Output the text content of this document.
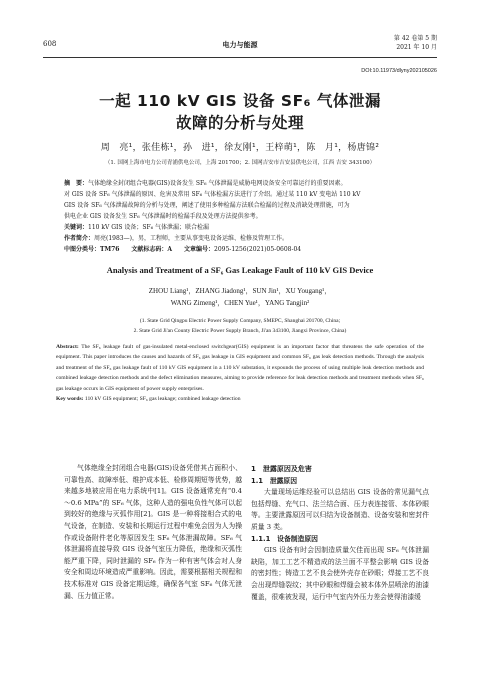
608	电力与能源
第 42 卷第 5 期
2021 年 10 月
DOI:10.11973/dlyny202105026
一起 110 kV GIS 设备 SF₆ 气体泄漏
故障的分析与处理
周　亮¹，张佳栋¹，孙　进¹，徐友刚¹，王梓萌¹，陈　月¹，杨唐锦²
（1. 国网上海市电力公司青浦供电公司，上海 201700；2. 国网吉安市吉安县供电公司，江西 吉安 343100）
摘　要：气体绝缘全封闭组合电器(GIS)设备发生 SF₆ 气体泄漏是威胁电网设备安全可靠运行的重要因素。
对 GIS 设备 SF₆ 气体泄漏的原因、危害及常用 SF₆ 气体检漏方法进行了介绍。通过某 110 kV 变电站 110 kV
GIS 设备 SF₆ 气体泄漏故障的分析与处理，阐述了使用多种检漏方法联合检漏的过程及消缺处理措施，可为
供电企业 GIS 设备发生 SF₆ 气体泄漏时的检漏手段及处理方法提供参考。
关键词：110 kV GIS 设备；SF₆ 气体泄漏；联合检漏
作者简介：周亮(1983—)，男，工程师，主要从事变电设备运维、检修及管理工作。
中图分类号：TM76 文献标志码：A 文章编号：2095-1256(2021)05-0608-04
Analysis and Treatment of a SF₆ Gas Leakage Fault of 110 kV GIS Device
ZHOU Liang¹，ZHANG Jiadong¹，SUN Jin¹，XU Yougang¹，
WANG Zimeng¹，CHEN Yue¹，YANG Tangjin²
(1. State Grid Qingpu Electric Power Supply Company, SMEPC, Shanghai 201700, China;
2. State Grid Ji'an County Electric Power Supply Branch, Ji'an 343100, Jiangxi Province, China)
Abstract: The SF₆ leakage fault of gas-insulated metal-enclosed switchgear(GIS) equipment is an important factor that threatens the safe operation of the equipment. This paper introduces the causes and hazards of SF₆ gas leakage in GIS equipment and common SF₆ gas leak detection methods. Through the analysis and treatment of the SF₆ gas leakage fault of 110 kV GIS equipment in a 110 kV substation, it expounds the process of using multiple leak detection methods and combined leakage detection methods and the defect elimination measures, aiming to provide reference for leak detection methods and treatment methods when SF₆ gas leakage occurs in GIS equipment of power supply enterprises.
Key words: 110 kV GIS equipment; SF₆ gas leakage; combined leakage detection

气体绝缘全封闭组合电器(GIS)设备凭借其占面积小、可靠性高、故障率低、维护成本低、检修周期短等优势，越来越多地被应用在电力系统中[1]。GIS 设备通常充有“0.4～0.6 MPa”的 SF₆ 气体，这种人造的强电负性气体可以起到较好的绝缘与灭弧作用[2]。GIS 是一种将接相合式的电气设备，在制造、安装和长期运行过程中难免会因为人为操作或设备附件老化等原因发生 SF₆ 气体泄漏故障。SF₆ 气体泄漏将直接导致 GIS 设备气室压力降低，绝缘和灭弧性能严重下降，同时泄漏的 SF₆ 作为一种有害气体会对人身安全和周边环境造成严重影响。因此，需要根据相关规程和技术标准对 GIS 设备定期运维，确保各气室 SF₆ 气体无泄漏、压力值正常。

1　泄露原因及危害
1.1　泄露原因

大量现场运维经验可以总结出 GIS 设备的常见漏气点包括焊缝、充气口、法兰结合面、压力表连接管、本体砂眼等。主要泄露原因可以归结为设备制造、设备安装和密封件质量 3 类。

1.1.1　设备制造原因

GIS 设备有时会因制造质量欠佳而出现 SF₆ 气体泄漏缺陷，加工工艺不精造成的法兰面不平整会影响 GIS 设备的密封性；铸造工艺不良会使外壳存在砂眼；焊接工艺不良会出现焊缝裂纹；其中砂眼和焊缝会被本体外层喷涂的油漆覆盖，很难被发现，运行中气室内外压力差会使得油漆缓
